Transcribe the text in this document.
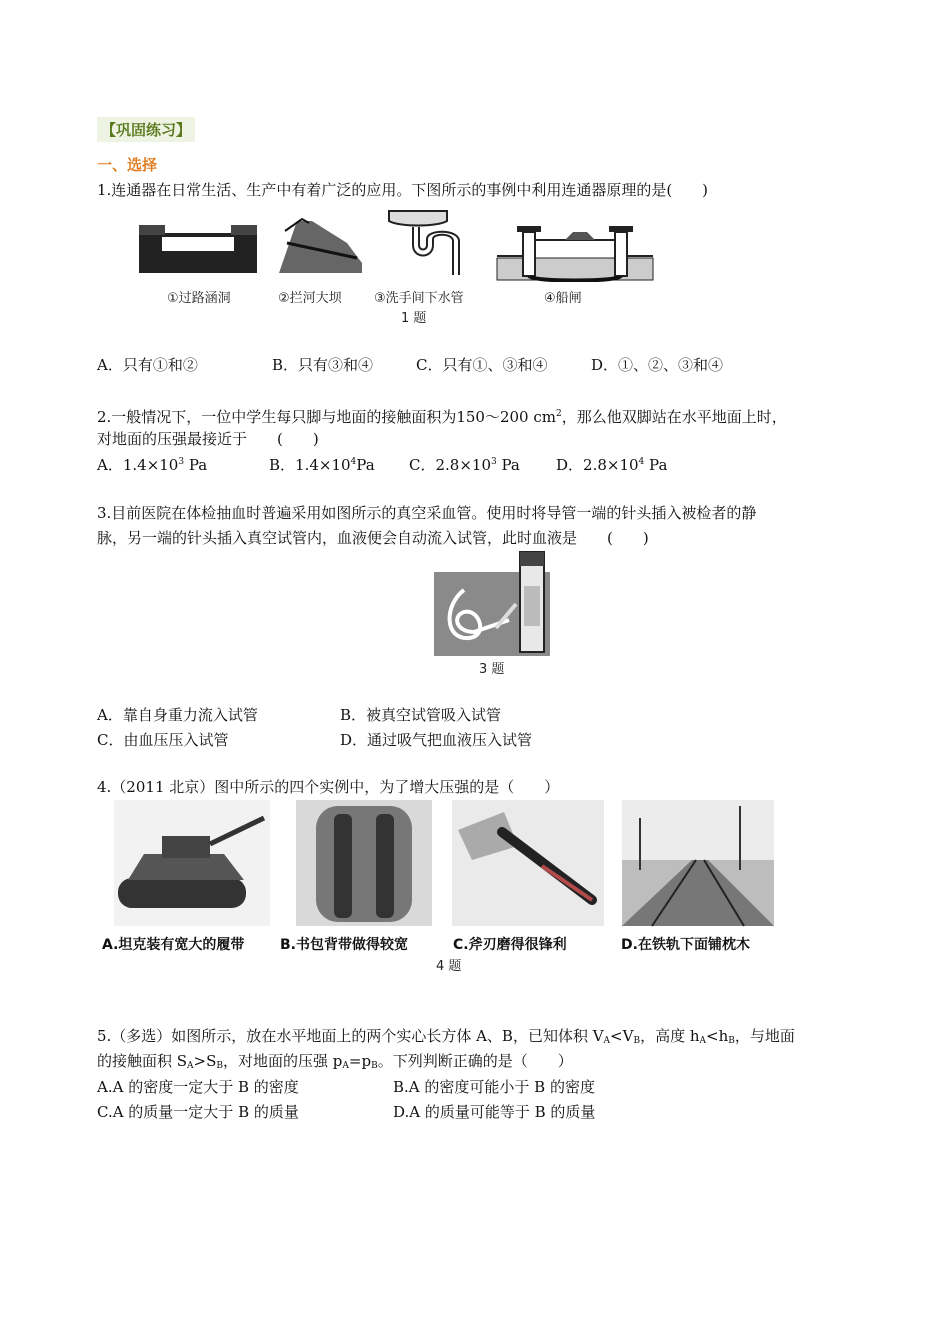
【巩固练习】
一、选择
1.连通器在日常生活、生产中有着广泛的应用。下图所示的事例中利用连通器原理的是(　　)
①过路涵洞	②拦河大坝 ③洗手间下水管	④船闸
1 题
A．只有①和②	B．只有③和④	C．只有①、③和④	D．①、②、③和④
2.一般情况下，一位中学生每只脚与地面的接触面积为150～200 $cm^2$，那么他双脚站在水平地面上时，
对地面的压强最接近于　　(　　)
A．$1.4\times 10^3$ Pa	B．$1.4\times 10^4Pa$ C．$2.8\times 10^3$ Pa D．$2.8\times 10^4$ Pa
3.目前医院在体检抽血时普遍采用如图所示的真空采血管。使用时将导管一端的针头插入被检者的静
脉，另一端的针头插入真空试管内，血液便会自动流入试管，此时血液是　　(　　)
3 题
A．靠自身重力流入试管	B．被真空试管吸入试管
C．由血压压入试管	D．通过吸气把血液压入试管
4.（2011 北京）图中所示的四个实例中，为了增大压强的是（　　）
A.坦克装有宽大的履带	B.书包背带做得较宽	C.斧刃磨得很锋利	D.在铁轨下面铺枕木
4 题
5.（多选）如图所示，放在水平地面上的两个实心长方体 A、B，已知体积 $V_A<V_B$，高度 $h_A<h_B$，与地面
的接触面积 $S_A>S_B$，对地面的压强 $p_A=p_B$。下列判断正确的是（　　）
A.A 的密度一定大于 B 的密度	B.A 的密度可能小于 B 的密度
C.A 的质量一定大于 B 的质量	D.A 的质量可能等于 B 的质量
